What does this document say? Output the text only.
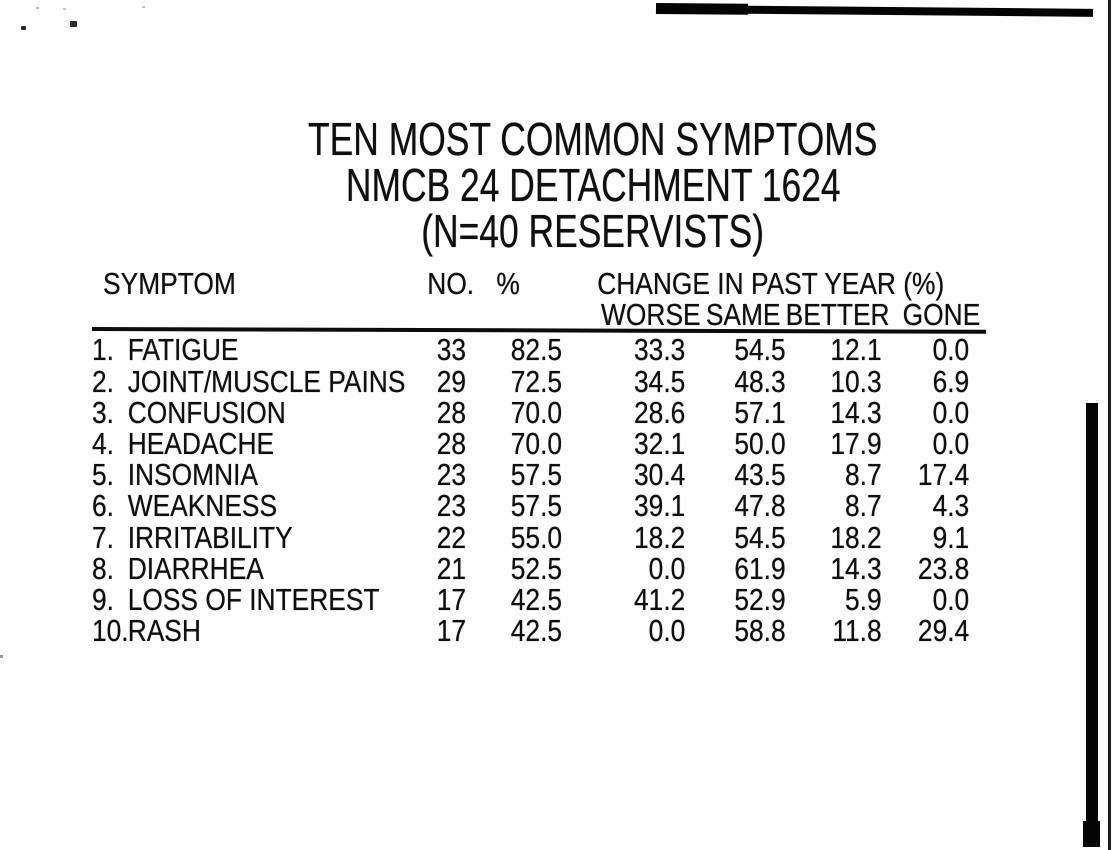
TEN MOST COMMON SYMPTOMS
NMCB 24 DETACHMENT 1624
(N=40 RESERVISTS)
SYMPTOM		NO.	%	CHANGE IN PAST YEAR (%)			
				WORSE	SAME	BETTER	GONE
1.	FATIGUE	33	82.5	33.3	54.5	12.1	0.0
2.	JOINT/MUSCLE PAINS	29	72.5	34.5	48.3	10.3	6.9
3.	CONFUSION	28	70.0	28.6	57.1	14.3	0.0
4.	HEADACHE	28	70.0	32.1	50.0	17.9	0.0
5.	INSOMNIA	23	57.5	30.4	43.5	8.7	17.4
6.	WEAKNESS	23	57.5	39.1	47.8	8.7	4.3
7.	IRRITABILITY	22	55.0	18.2	54.5	18.2	9.1
8.	DIARRHEA	21	52.5	0.0	61.9	14.3	23.8
9.	LOSS OF INTEREST	17	42.5	41.2	52.9	5.9	0.0
10.	RASH	17	42.5	0.0	58.8	11.8	29.4
